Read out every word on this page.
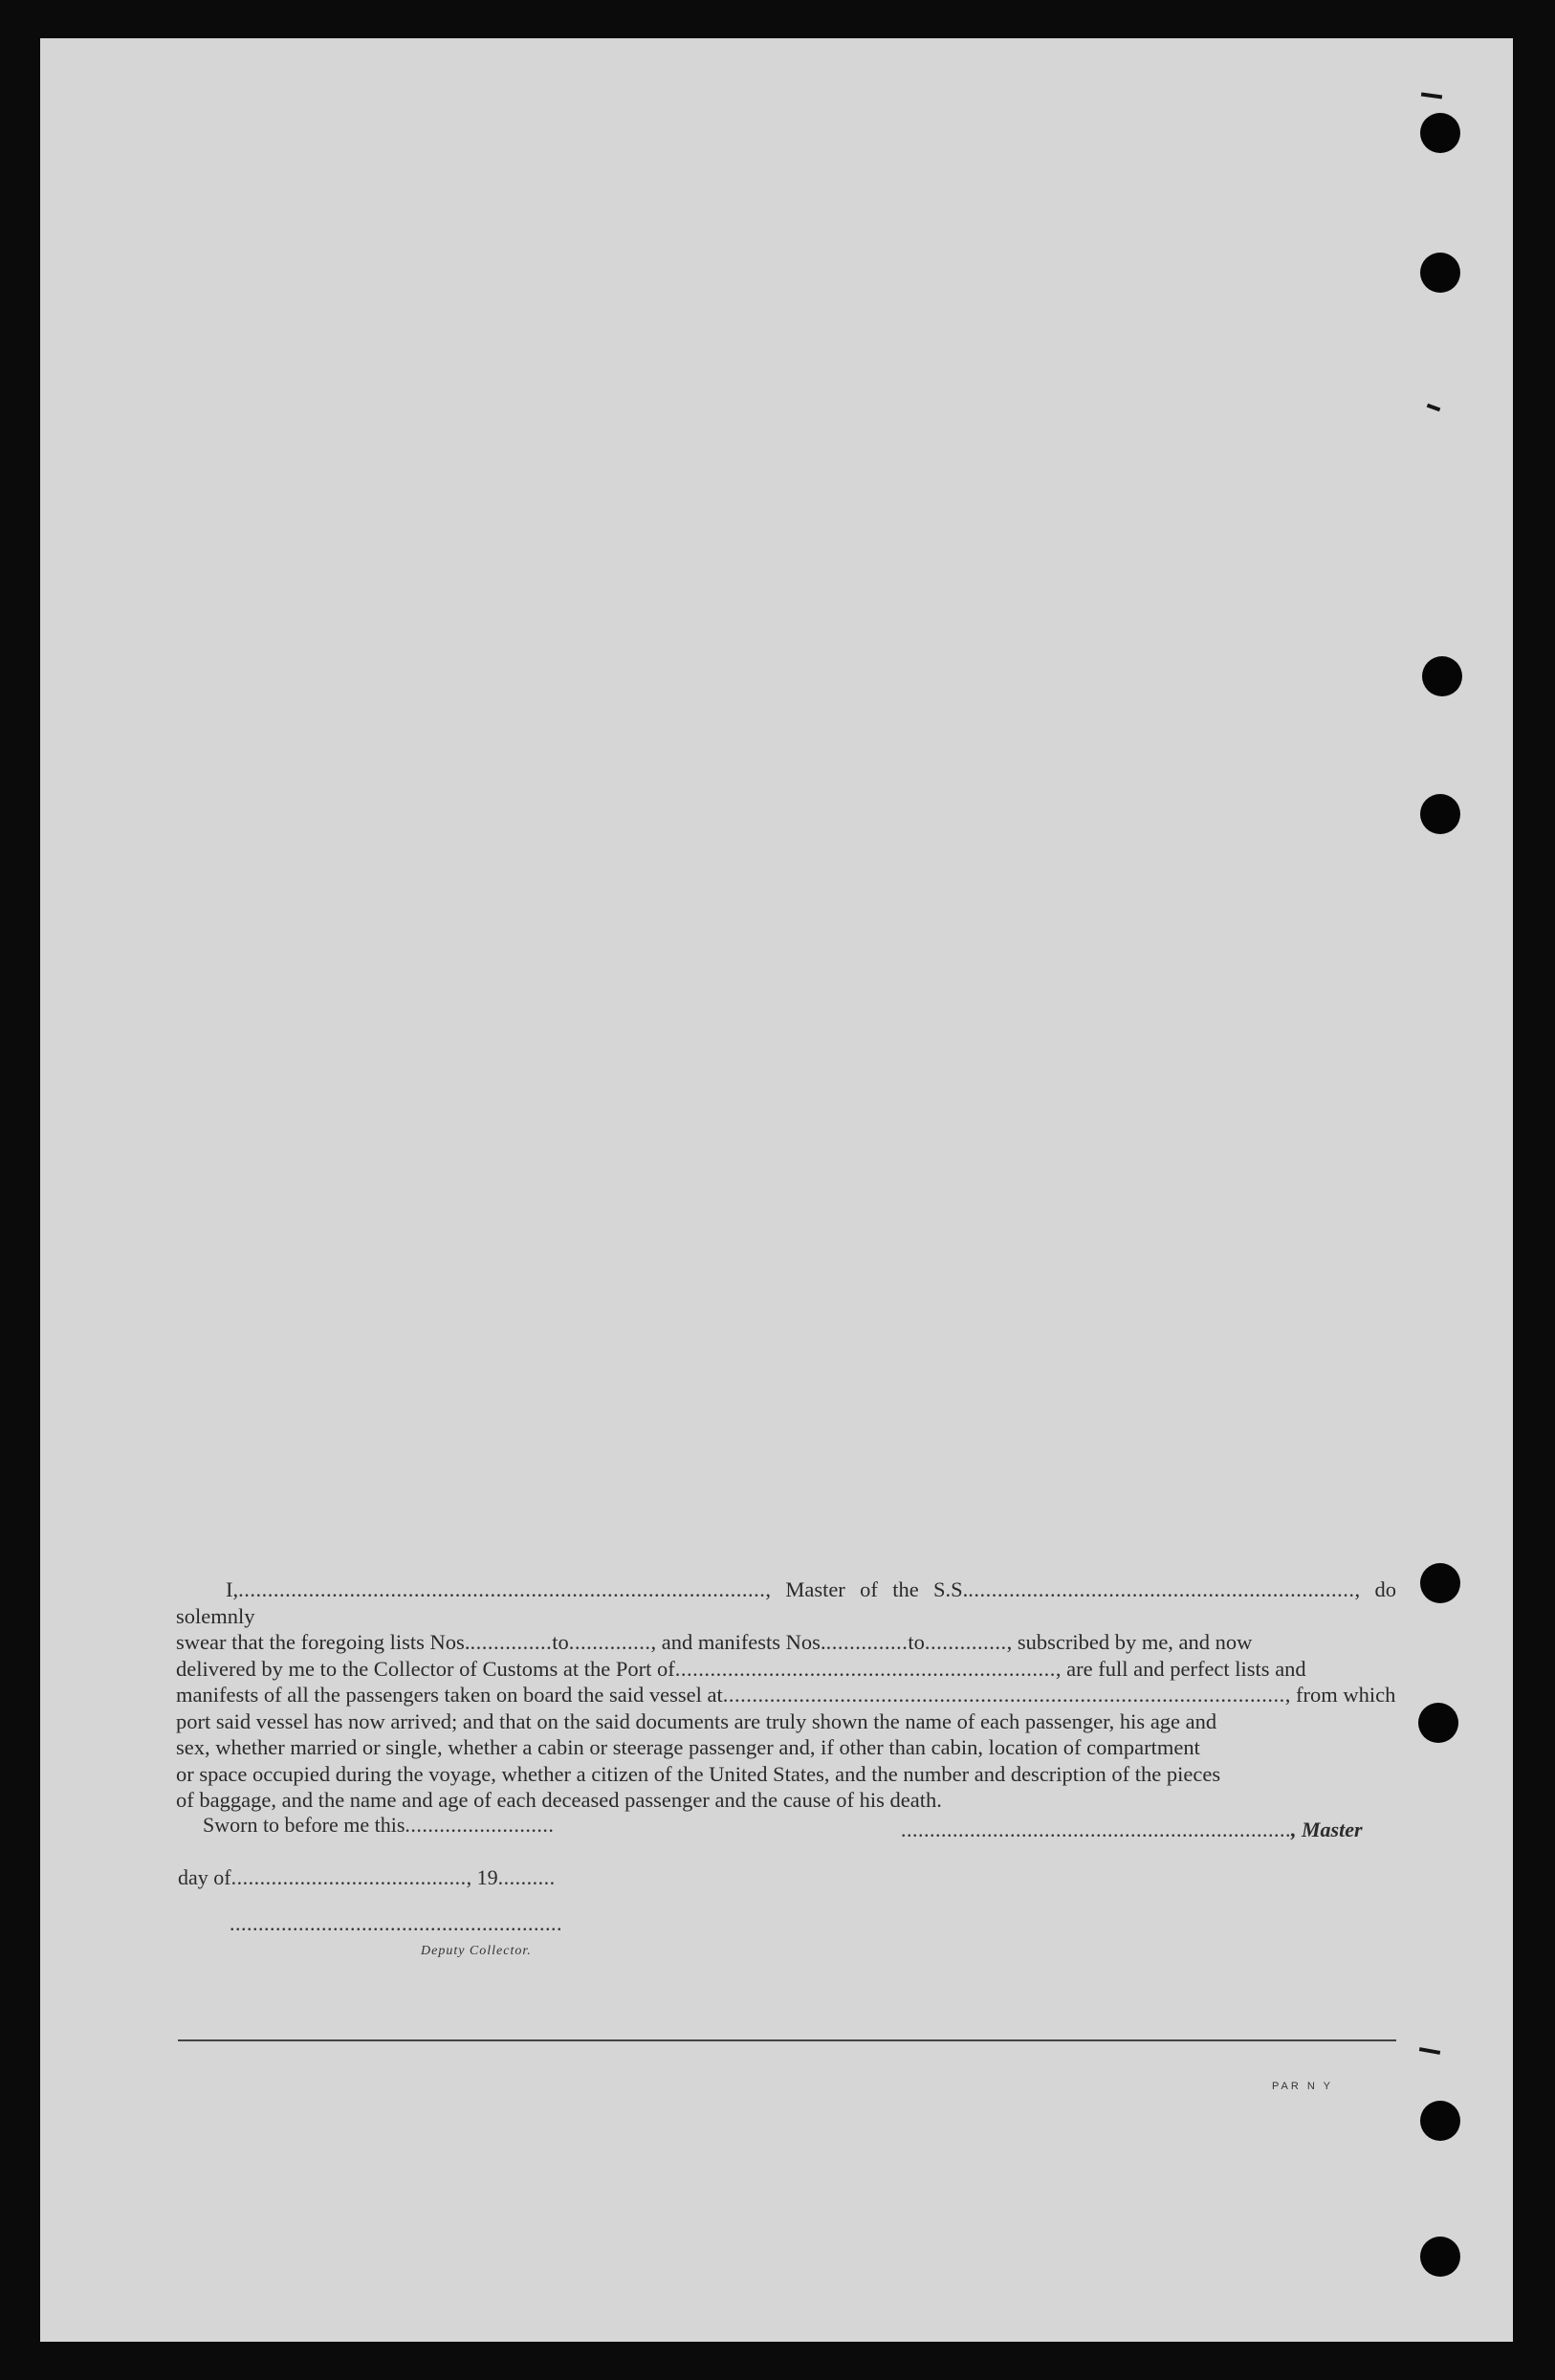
I,.........................................................................................., Master of the S.S..................................................................., do solemnly

swear that the foregoing lists Nos...............to.............., and manifests Nos...............to.............., subscribed by me, and now

delivered by me to the Collector of Customs at the Port of................................................................., are full and perfect lists and

manifests of all the passengers taken on board the said vessel at................................................................................................, from which

port said vessel has now arrived; and that on the said documents are truly shown the name of each passenger, his age and

sex, whether married or single, whether a cabin or steerage passenger and, if other than cabin, location of compartment

or space occupied during the voyage, whether a citizen of the United States, and the number and description of the pieces

of baggage, and the name and age of each deceased passenger and the cause of his death.

Sworn to before me this..........................	...................................................................., Master
day of........................................., 19..........
..........................................................
Deputy Collector.
PAR N Y
